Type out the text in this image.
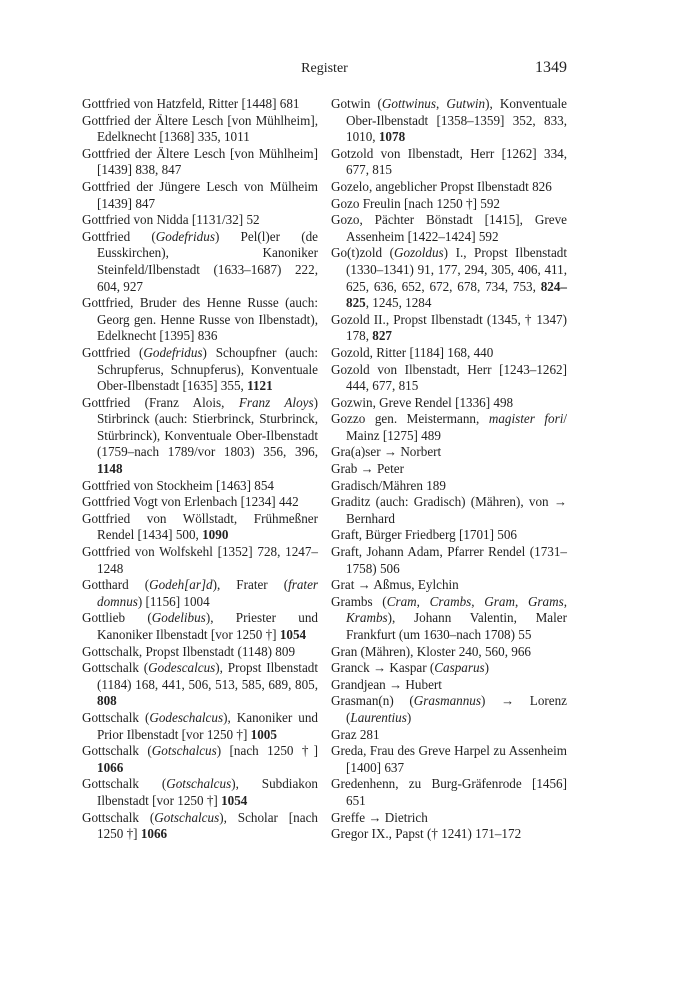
Register	1349

Gottfried von Hatzfeld, Ritter [1448] 681

Gottfried der Ältere Lesch [von Mühlheim], Edelknecht [1368] 335, 1011

Gottfried der Ältere Lesch [von Mühlheim] [1439] 838, 847

Gottfried der Jüngere Lesch von Mülheim [1439] 847

Gottfried von Nidda [1131/32] 52

Gottfried (Godefridus) Pel(l)er (de Eusskirchen), Kanoniker Steinfeld/Ilbenstadt (1633–1687) 222, 604, 927

Gottfried, Bruder des Henne Russe (auch: Georg gen. Henne Russe von Ilbenstadt), Edelknecht [1395] 836

Gottfried (Godefridus) Schoupfner (auch: Schrupferus, Schnupferus), Konventuale Ober-Ilbenstadt [1635] 355, 1121

Gottfried (Franz Alois, Franz Aloys) Stirbrinck (auch: Stierbrinck, Sturbrinck, Stürbrinck), Konventuale Ober-Ilbenstadt (1759–nach 1789/vor 1803) 356, 396, 1148

Gottfried von Stockheim [1463] 854

Gottfried Vogt von Erlenbach [1234] 442

Gottfried von Wöllstadt, Frühmeßner Rendel [1434] 500, 1090

Gottfried von Wolfskehl [1352] 728, 1247–1248

Gotthard (Godeh[ar]d), Frater (frater domnus) [1156] 1004

Gottlieb (Godelibus), Priester und Kanoniker Ilbenstadt [vor 1250 †] 1054

Gottschalk, Propst Ilbenstadt (1148) 809

Gottschalk (Godescalcus), Propst Ilbenstadt (1184) 168, 441, 506, 513, 585, 689, 805, 808

Gottschalk (Godeschalcus), Kanoniker und Prior Ilbenstadt [vor 1250 †] 1005

Gottschalk (Gotschalcus) [nach 1250 †] 1066

Gottschalk (Gotschalcus), Subdiakon Ilbenstadt [vor 1250 †] 1054

Gottschalk (Gotschalcus), Scholar [nach 1250 †] 1066

Gotwin (Gottwinus, Gutwin), Konventuale Ober-Ilbenstadt [1358–1359] 352, 833, 1010, 1078

Gotzold von Ilbenstadt, Herr [1262] 334, 677, 815

Gozelo, angeblicher Propst Ilbenstadt 826

Gozo Freulin [nach 1250 †] 592

Gozo, Pächter Bönstadt [1415], Greve Assenheim [1422–1424] 592

Go(t)zold (Gozoldus) I., Propst Ilbenstadt (1330–1341) 91, 177, 294, 305, 406, 411, 625, 636, 652, 672, 678, 734, 753, 824–825, 1245, 1284

Gozold II., Propst Ilbenstadt (1345, † 1347) 178, 827

Gozold, Ritter [1184] 168, 440

Gozold von Ilbenstadt, Herr [1243–1262] 444, 677, 815

Gozwin, Greve Rendel [1336] 498

Gozzo gen. Meistermann, magister fori/ Mainz [1275] 489

Gra(a)ser → Norbert

Grab → Peter

Gradisch/Mähren 189

Graditz (auch: Gradisch) (Mähren), von → Bernhard

Graft, Bürger Friedberg [1701] 506

Graft, Johann Adam, Pfarrer Rendel (1731–1758) 506

Grat → Aßmus, Eylchin

Grambs (Cram, Crambs, Gram, Grams, Krambs), Johann Valentin, Maler Frankfurt (um 1630–nach 1708) 55

Gran (Mähren), Kloster 240, 560, 966

Granck → Kaspar (Casparus)

Grandjean → Hubert

Grasman(n) (Grasmannus) → Lorenz (Laurentius)

Graz 281

Greda, Frau des Greve Harpel zu Assenheim [1400] 637

Gredenhenn, zu Burg-Gräfenrode [1456] 651

Greffe → Dietrich

Gregor IX., Papst († 1241) 171–172
